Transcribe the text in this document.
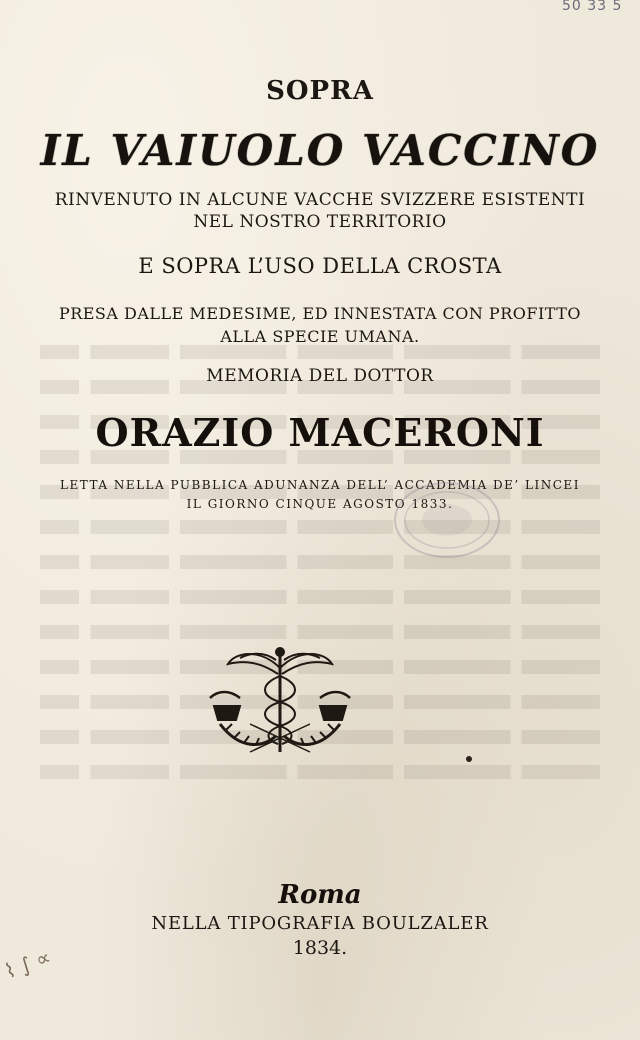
50 33 5
SOPRA
IL VAIUOLO VACCINO
RINVENUTO IN ALCUNE VACCHE SVIZZERE ESISTENTI
NEL NOSTRO TERRITORIO
E SOPRA L’USO DELLA CROSTA
PRESA DALLE MEDESIME, ED INNESTATA CON PROFITTO
ALLA SPECIE UMANA.
MEMORIA DEL DOTTOR
ORAZIO MACERONI
LETTA NELLA PUBBLICA ADUNANZA DELL’ ACCADEMIA DE’ LINCEI
IL GIORNO CINQUE AGOSTO 1833.
Roma
NELLA TIPOGRAFIA BOULZALER
1834.
⌇ ∫ ∝
